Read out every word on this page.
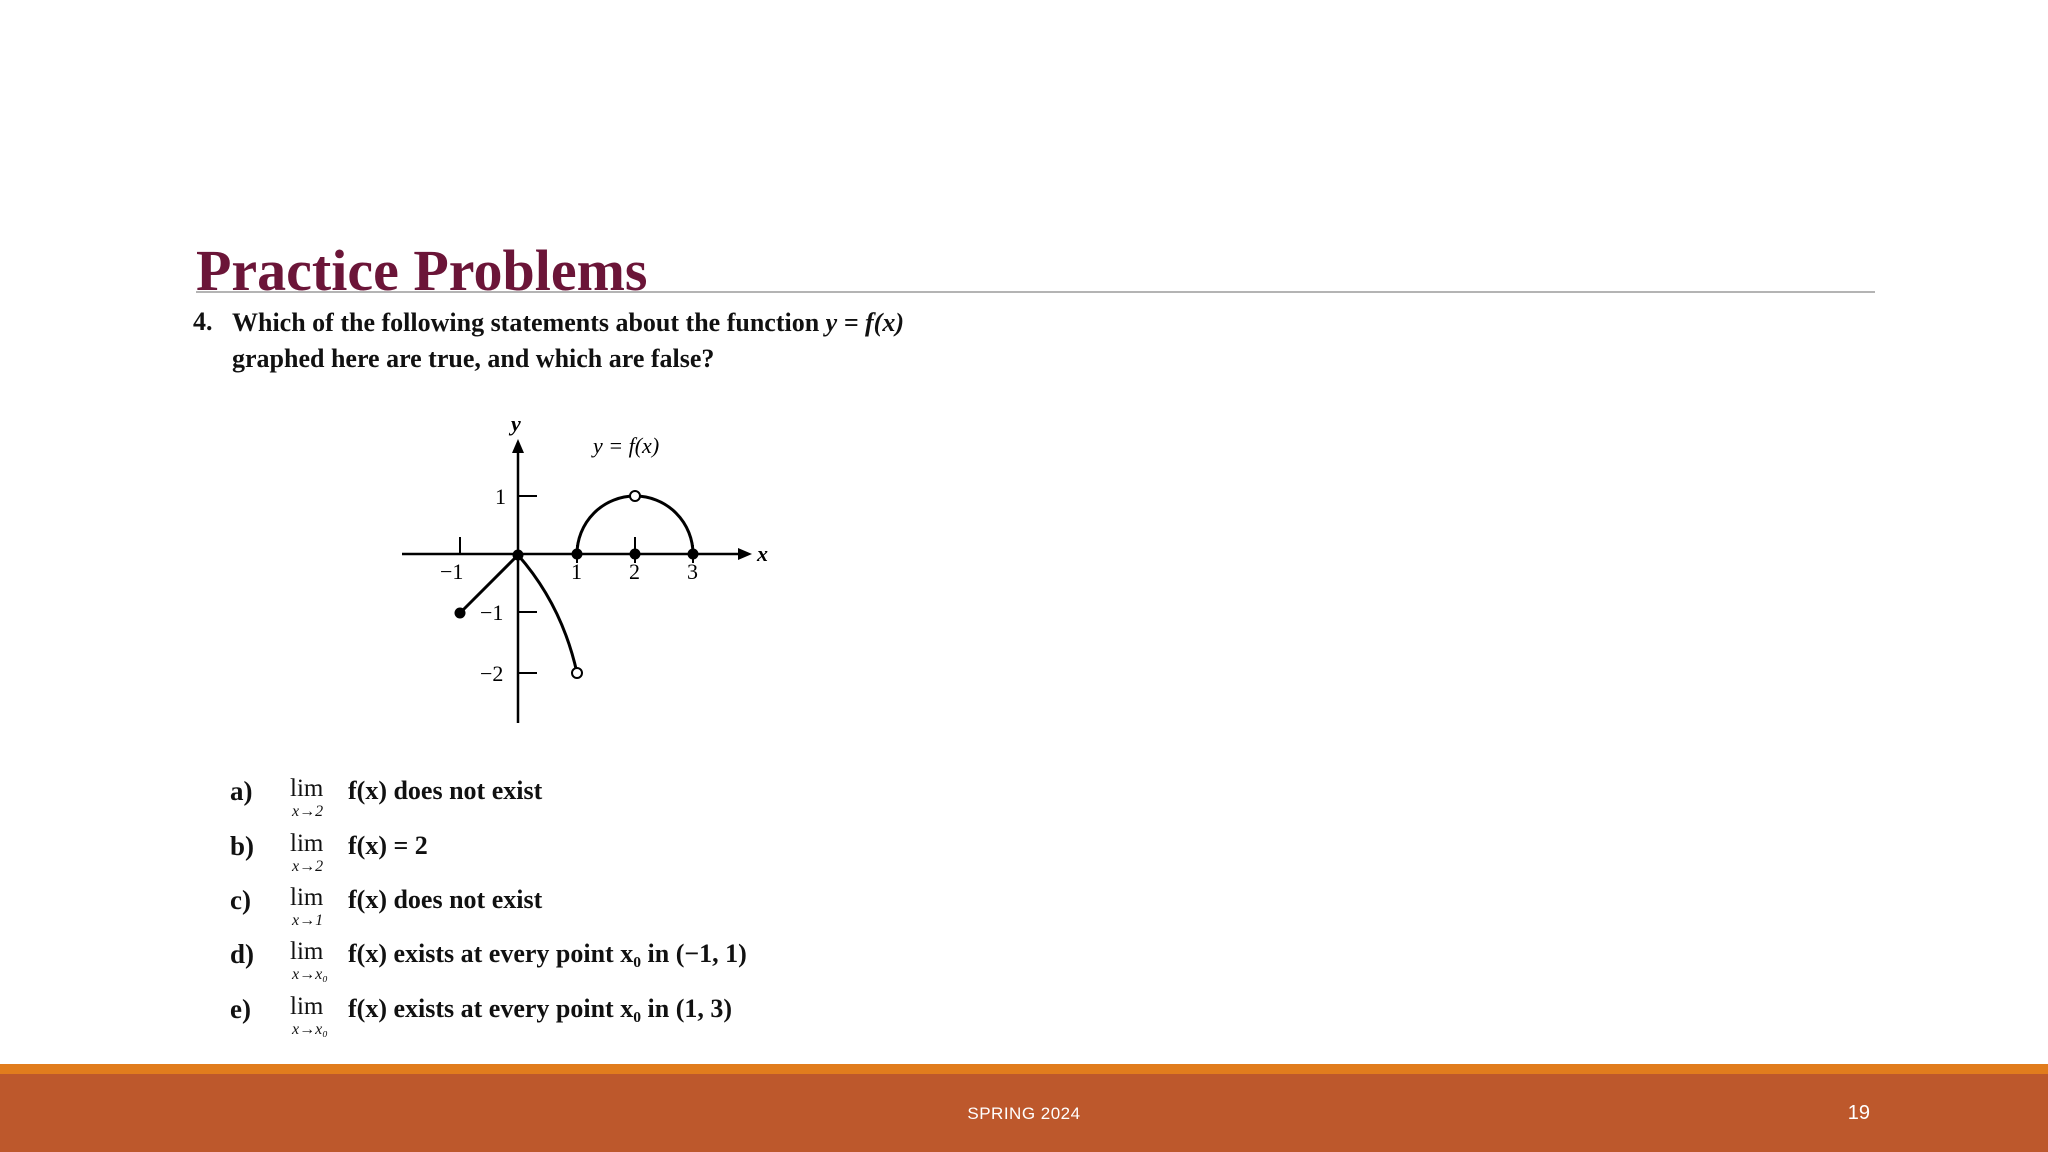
Practice Problems
4. Which of the following statements about the function y = f(x)
graphed here are true, and which are false?
x
y
y = f(x)
−1	1 2 3
1
−1
−2
a) lim
x→2
f(x) does not exist
b) lim
x→2
f(x) = 2
c) lim
x→1
f(x) does not exist
d) lim
x→x₀
f(x) exists at every point x₀ in (−1, 1)
e) lim
x→x₀
f(x) exists at every point x₀ in (1, 3)
SPRING 2024	19
